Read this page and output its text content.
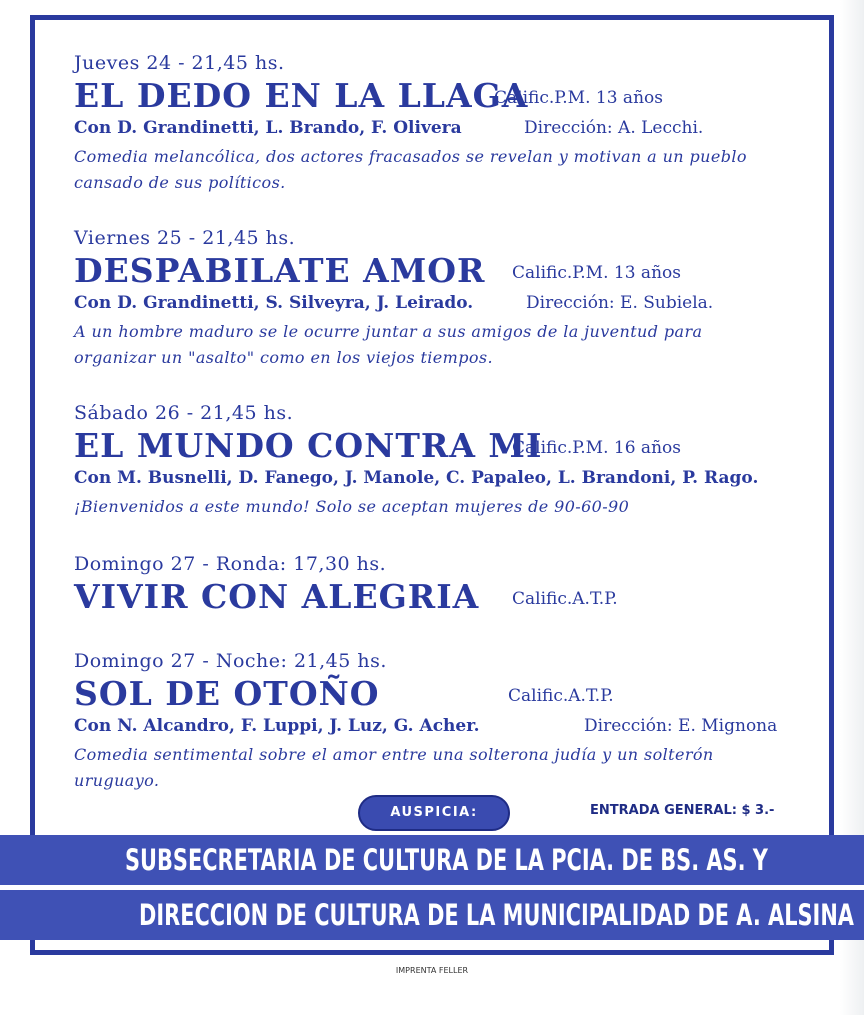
Jueves 24 - 21,45 hs.
EL DEDO EN LA LLAGA
Calific.P.M. 13 años
Con D. Grandinetti, L. Brando, F. Olivera	Dirección: A. Lecchi.
Comedia melancólica, dos actores fracasados se revelan y motivan a un pueblo cansado de sus políticos.
Viernes 25 - 21,45 hs.
DESPABILATE AMOR Calific.P.M. 13 años
Con D. Grandinetti, S. Silveyra, J. Leirado.	Dirección: E. Subiela.
A un hombre maduro se le ocurre juntar a sus amigos de la juventud para organizar un "asalto" como en los viejos tiempos.
Sábado 26 - 21,45 hs.
EL MUNDO CONTRA MI
Calific.P.M. 16 años
Con M. Busnelli, D. Fanego, J. Manole, C. Papaleo, L. Brandoni, P. Rago.
¡Bienvenidos a este mundo! Solo se aceptan mujeres de 90-60-90
Domingo 27 - Ronda: 17,30 hs.
VIVIR CON ALEGRIA Calific.A.T.P.
Domingo 27 - Noche: 21,45 hs.
SOL DE OTOÑO	Calific.A.T.P.
Con N. Alcandro, F. Luppi, J. Luz, G. Acher.	Dirección: E. Mignona
Comedia sentimental sobre el amor entre una solterona judía y un solterón uruguayo.
AUSPICIA:	ENTRADA GENERAL: $ 3.-
SUBSECRETARIA DE CULTURA DE LA PCIA. DE BS. AS. Y
DIRECCION DE CULTURA DE LA MUNICIPALIDAD DE A. ALSINA
IMPRENTA FELLER
